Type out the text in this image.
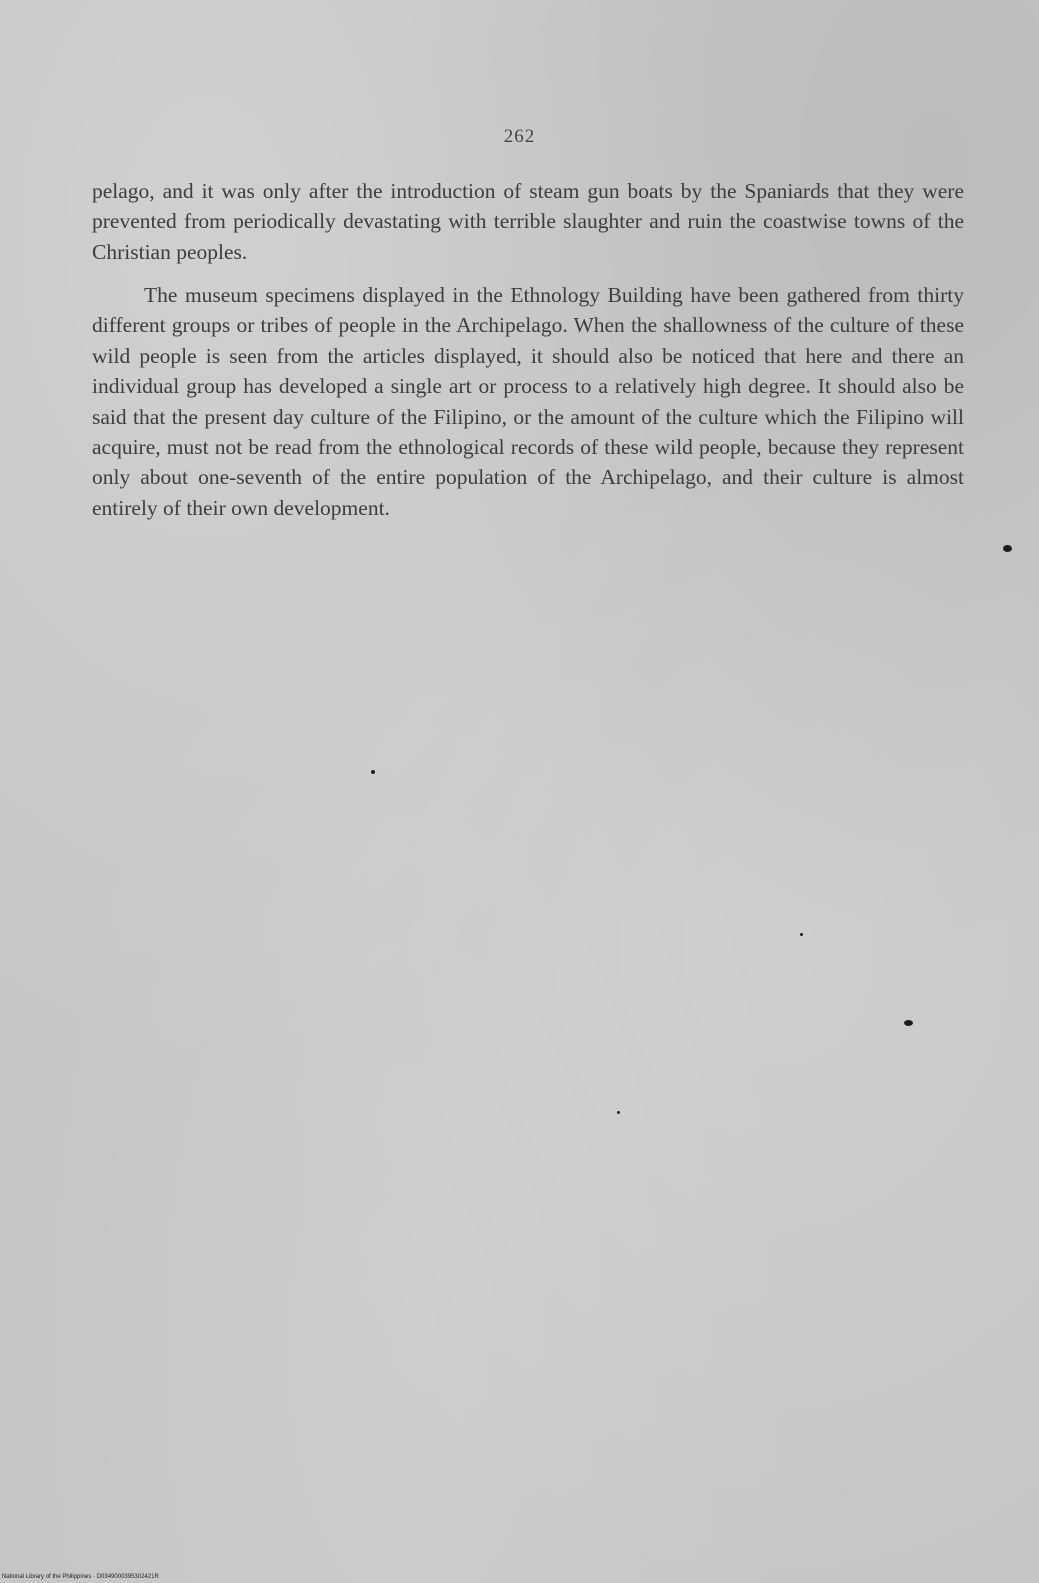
262

pelago, and it was only after the introduction of steam gun boats by the Spaniards that they were prevented from periodically devastating with terrible slaughter and ruin the coastwise towns of the Christian peoples.

The museum specimens displayed in the Ethnology Building have been gathered from thirty different groups or tribes of people in the Archipelago. When the shallowness of the culture of these wild people is seen from the articles displayed, it should also be noticed that here and there an individual group has developed a single art or process to a relatively high degree. It should also be said that the present day culture of the Filipino, or the amount of the culture which the Filipino will acquire, must not be read from the ethnological records of these wild people, because they represent only about one-seventh of the entire population of the Archipelago, and their culture is almost entirely of their own development.

National Library of the Philippines · D0349000395302421R
